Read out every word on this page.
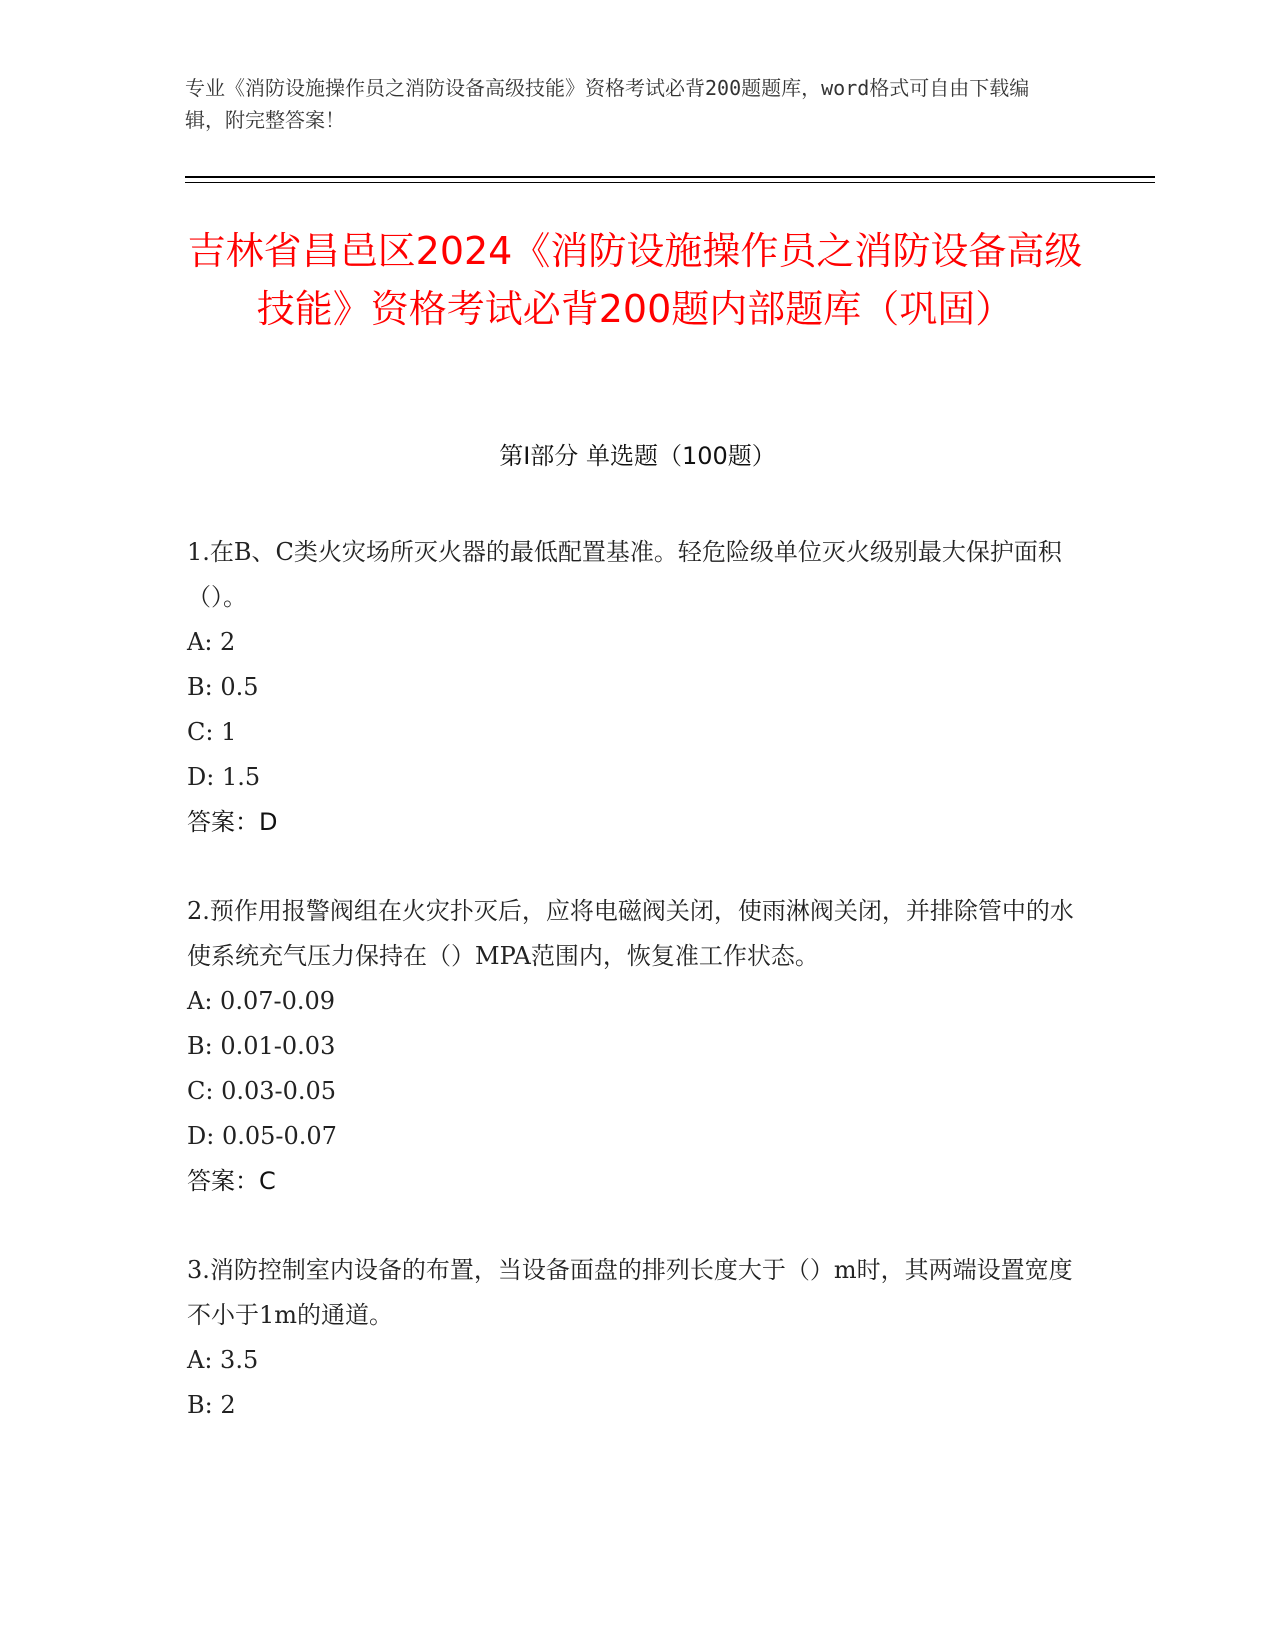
专业《消防设施操作员之消防设备高级技能》资格考试必背200题题库，word格式可自由下载编辑，附完整答案！
吉林省昌邑区2024《消防设施操作员之消防设备高级技能》资格考试必背200题内部题库（巩固）
第Ⅰ部分 单选题（100题）
1.在B、C类火灾场所灭火器的最低配置基准。轻危险级单位灭火级别最大保护面积（）。
A: 2
B: 0.5
C: 1
D: 1.5
答案：D
2.预作用报警阀组在火灾扑灭后，应将电磁阀关闭，使雨淋阀关闭，并排除管中的水使系统充气压力保持在（）MPA范围内，恢复准工作状态。
A: 0.07-0.09
B: 0.01-0.03
C: 0.03-0.05
D: 0.05-0.07
答案：C
3.消防控制室内设备的布置，当设备面盘的排列长度大于（）m时，其两端设置宽度不小于1m的通道。
A: 3.5
B: 2
